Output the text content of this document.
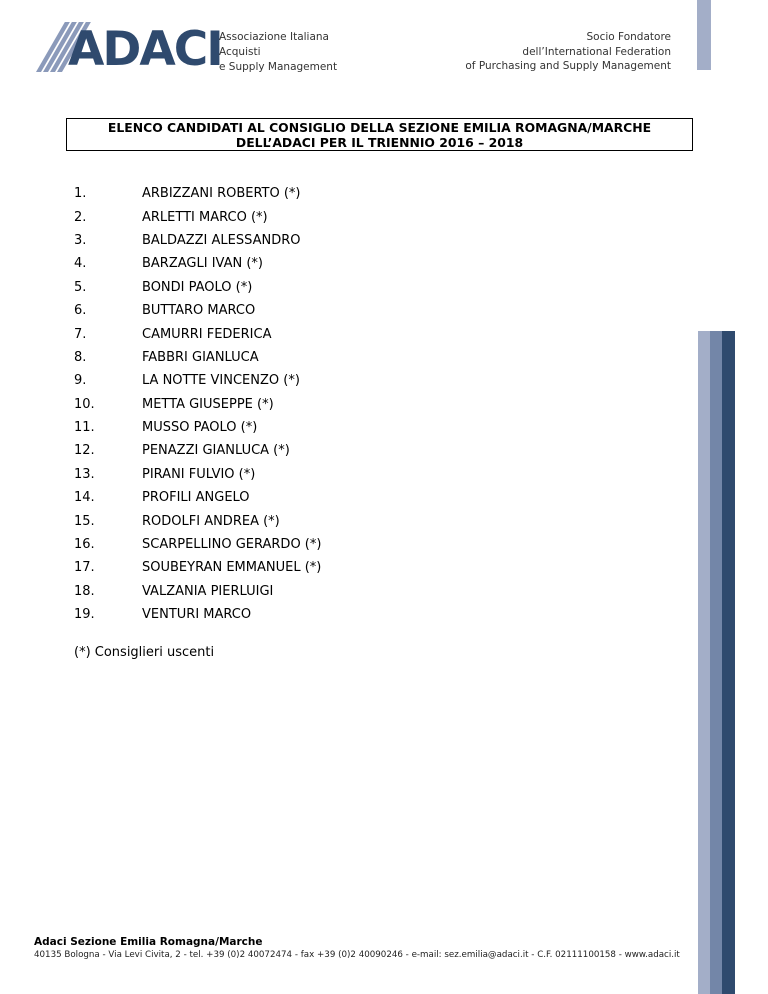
ADACI
Associazione Italiana
Acquisti
e Supply Management
Socio Fondatore
dell’International Federation
of Purchasing and Supply Management
ELENCO CANDIDATI AL CONSIGLIO DELLA SEZIONE EMILIA ROMAGNA/MARCHE
DELL’ADACI PER IL TRIENNIO 2016 – 2018
1.	ARBIZZANI ROBERTO (*)
2.	ARLETTI MARCO (*)
3.	BALDAZZI ALESSANDRO
4.	BARZAGLI IVAN (*)
5.	BONDI PAOLO (*)
6.	BUTTARO MARCO
7.	CAMURRI FEDERICA
8.	FABBRI GIANLUCA
9.	LA NOTTE VINCENZO (*)
10.	METTA GIUSEPPE (*)
11.	MUSSO PAOLO (*)
12.	PENAZZI GIANLUCA (*)
13.	PIRANI FULVIO (*)
14.	PROFILI ANGELO
15.	RODOLFI ANDREA (*)
16.	SCARPELLINO GERARDO (*)
17.	SOUBEYRAN EMMANUEL (*)
18.	VALZANIA PIERLUIGI
19.	VENTURI MARCO
(*) Consiglieri uscenti
Adaci Sezione Emilia Romagna/Marche
40135 Bologna - Via Levi Civita, 2 - tel. +39 (0)2 40072474 - fax +39 (0)2 40090246 - e-mail: sez.emilia@adaci.it - C.F. 02111100158 - www.adaci.it
